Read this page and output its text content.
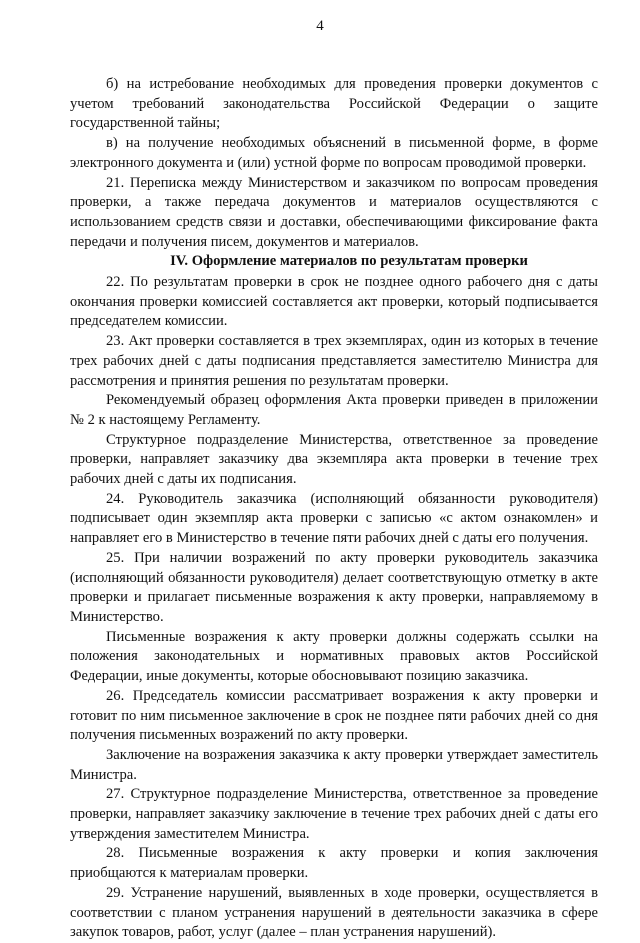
4

б) на истребование необходимых для проведения проверки документов с учетом требований законодательства Российской Федерации о защите государственной тайны;

в) на получение необходимых объяснений в письменной форме, в форме электронного документа и (или) устной форме по вопросам проводимой проверки.

21. Переписка между Министерством и заказчиком по вопросам проведения проверки, а также передача документов и материалов осуществляются с использованием средств связи и доставки, обеспечивающими фиксирование факта передачи и получения писем, документов и материалов.

IV. Оформление материалов по результатам проверки

22. По результатам проверки в срок не позднее одного рабочего дня с даты окончания проверки комиссией составляется акт проверки, который подписывается председателем комиссии.

23. Акт проверки составляется в трех экземплярах, один из которых в течение трех рабочих дней с даты подписания представляется заместителю Министра для рассмотрения и принятия решения по результатам проверки.

Рекомендуемый образец оформления Акта проверки приведен в приложении № 2 к настоящему Регламенту.

Структурное подразделение Министерства, ответственное за проведение проверки, направляет заказчику два экземпляра акта проверки в течение трех рабочих дней с даты их подписания.

24. Руководитель заказчика (исполняющий обязанности руководителя) подписывает один экземпляр акта проверки с записью «с актом ознакомлен» и направляет его в Министерство в течение пяти рабочих дней с даты его получения.

25. При наличии возражений по акту проверки руководитель заказчика (исполняющий обязанности руководителя) делает соответствующую отметку в акте проверки и прилагает письменные возражения к акту проверки, направляемому в Министерство.

Письменные возражения к акту проверки должны содержать ссылки на положения законодательных и нормативных правовых актов Российской Федерации, иные документы, которые обосновывают позицию заказчика.

26. Председатель комиссии рассматривает возражения к акту проверки и готовит по ним письменное заключение в срок не позднее пяти рабочих дней со дня получения письменных возражений по акту проверки.

Заключение на возражения заказчика к акту проверки утверждает заместитель Министра.

27. Структурное подразделение Министерства, ответственное за проведение проверки, направляет заказчику заключение в течение трех рабочих дней с даты его утверждения заместителем Министра.

28. Письменные возражения к акту проверки и копия заключения приобщаются к материалам проверки.

29. Устранение нарушений, выявленных в ходе проверки, осуществляется в соответствии с планом устранения нарушений в деятельности заказчика в сфере закупок товаров, работ, услуг (далее – план устранения нарушений).
